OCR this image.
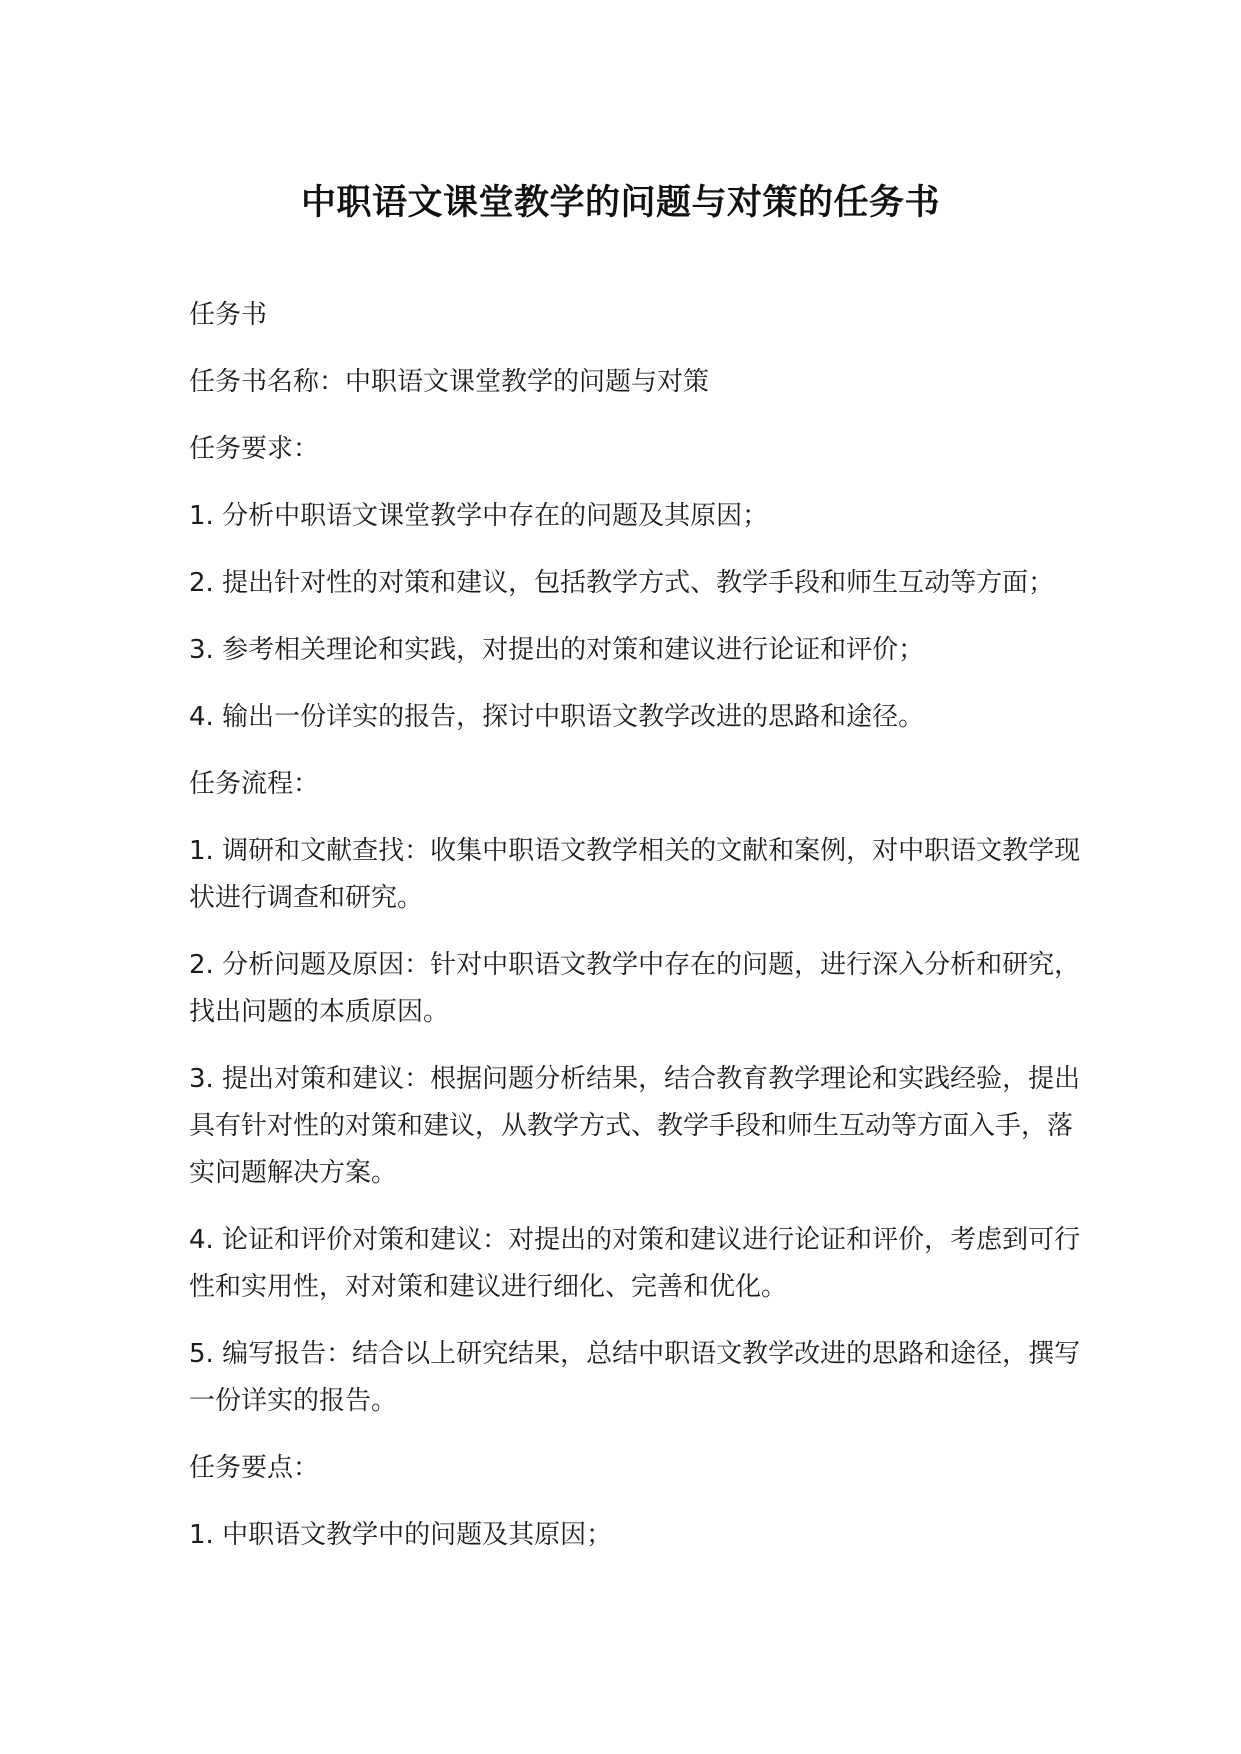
中职语文课堂教学的问题与对策的任务书

任务书

任务书名称：中职语文课堂教学的问题与对策

任务要求：

1. 分析中职语文课堂教学中存在的问题及其原因；

2. 提出针对性的对策和建议，包括教学方式、教学手段和师生互动等方面；

3. 参考相关理论和实践，对提出的对策和建议进行论证和评价；

4. 输出一份详实的报告，探讨中职语文教学改进的思路和途径。

任务流程：

1. 调研和文献查找：收集中职语文教学相关的文献和案例，对中职语文教学现状进行调查和研究。

2. 分析问题及原因：针对中职语文教学中存在的问题，进行深入分析和研究，找出问题的本质原因。

3. 提出对策和建议：根据问题分析结果，结合教育教学理论和实践经验，提出具有针对性的对策和建议，从教学方式、教学手段和师生互动等方面入手，落实问题解决方案。

4. 论证和评价对策和建议：对提出的对策和建议进行论证和评价，考虑到可行性和实用性，对对策和建议进行细化、完善和优化。

5. 编写报告：结合以上研究结果，总结中职语文教学改进的思路和途径，撰写一份详实的报告。

任务要点：

1. 中职语文教学中的问题及其原因；
